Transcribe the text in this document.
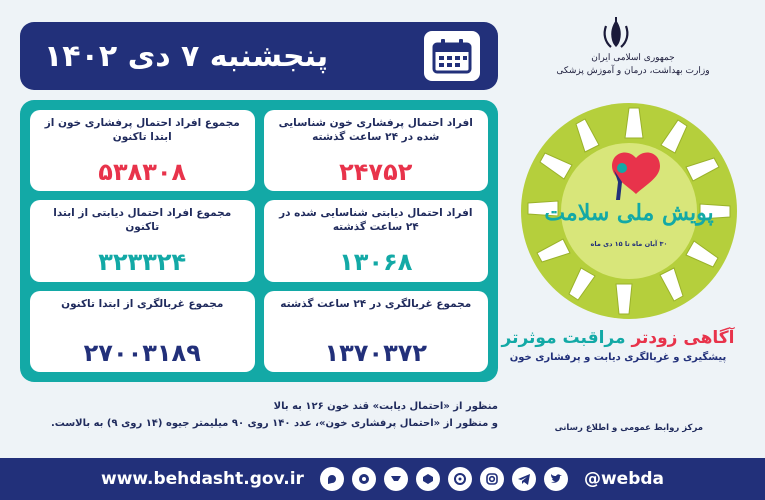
پنجشنبه ۷ دی ۱۴۰۲
افراد احتمال پرفشاری خون شناسایی شده در ۲۴ ساعت گذشته
۲۴۷۵۲
مجموع افراد احتمال پرفشاری خون از ابتدا تاکنون
۵۳۸۳۰۸
افراد احتمال دیابتی شناسایی شده در ۲۴ ساعت گذشته
۱۳۰۶۸
مجموع افراد احتمال دیابتی از ابتدا تاکنون
۳۲۳۳۲۴
مجموع غربالگری در ۲۴ ساعت گذشته
۱۳۷۰۳۷۲
مجموع غربالگری از ابتدا تاکنون
۲۷۰۰۳۱۸۹
جمهوری اسلامی ایران
وزارت بهداشت، درمان و آموزش پزشکی
پویش ملی سلامت
۳۰ آبان ماه تا ۱۵ دی ماه
آگاهی زودتر مراقبت موثرتر
پیشگیری و غربالگری دیابت و پرفشاری خون
منظور از «احتمال دیابت» قند خون ۱۲۶ به بالا
و منظور از «احتمال پرفشاری خون»، عدد ۱۴۰ روی ۹۰ میلیمتر جیوه (۱۴ روی ۹) به بالاست.	مرکز روابط عمومی و اطلاع رسانی
www.behdasht.gov.ir	@webda
